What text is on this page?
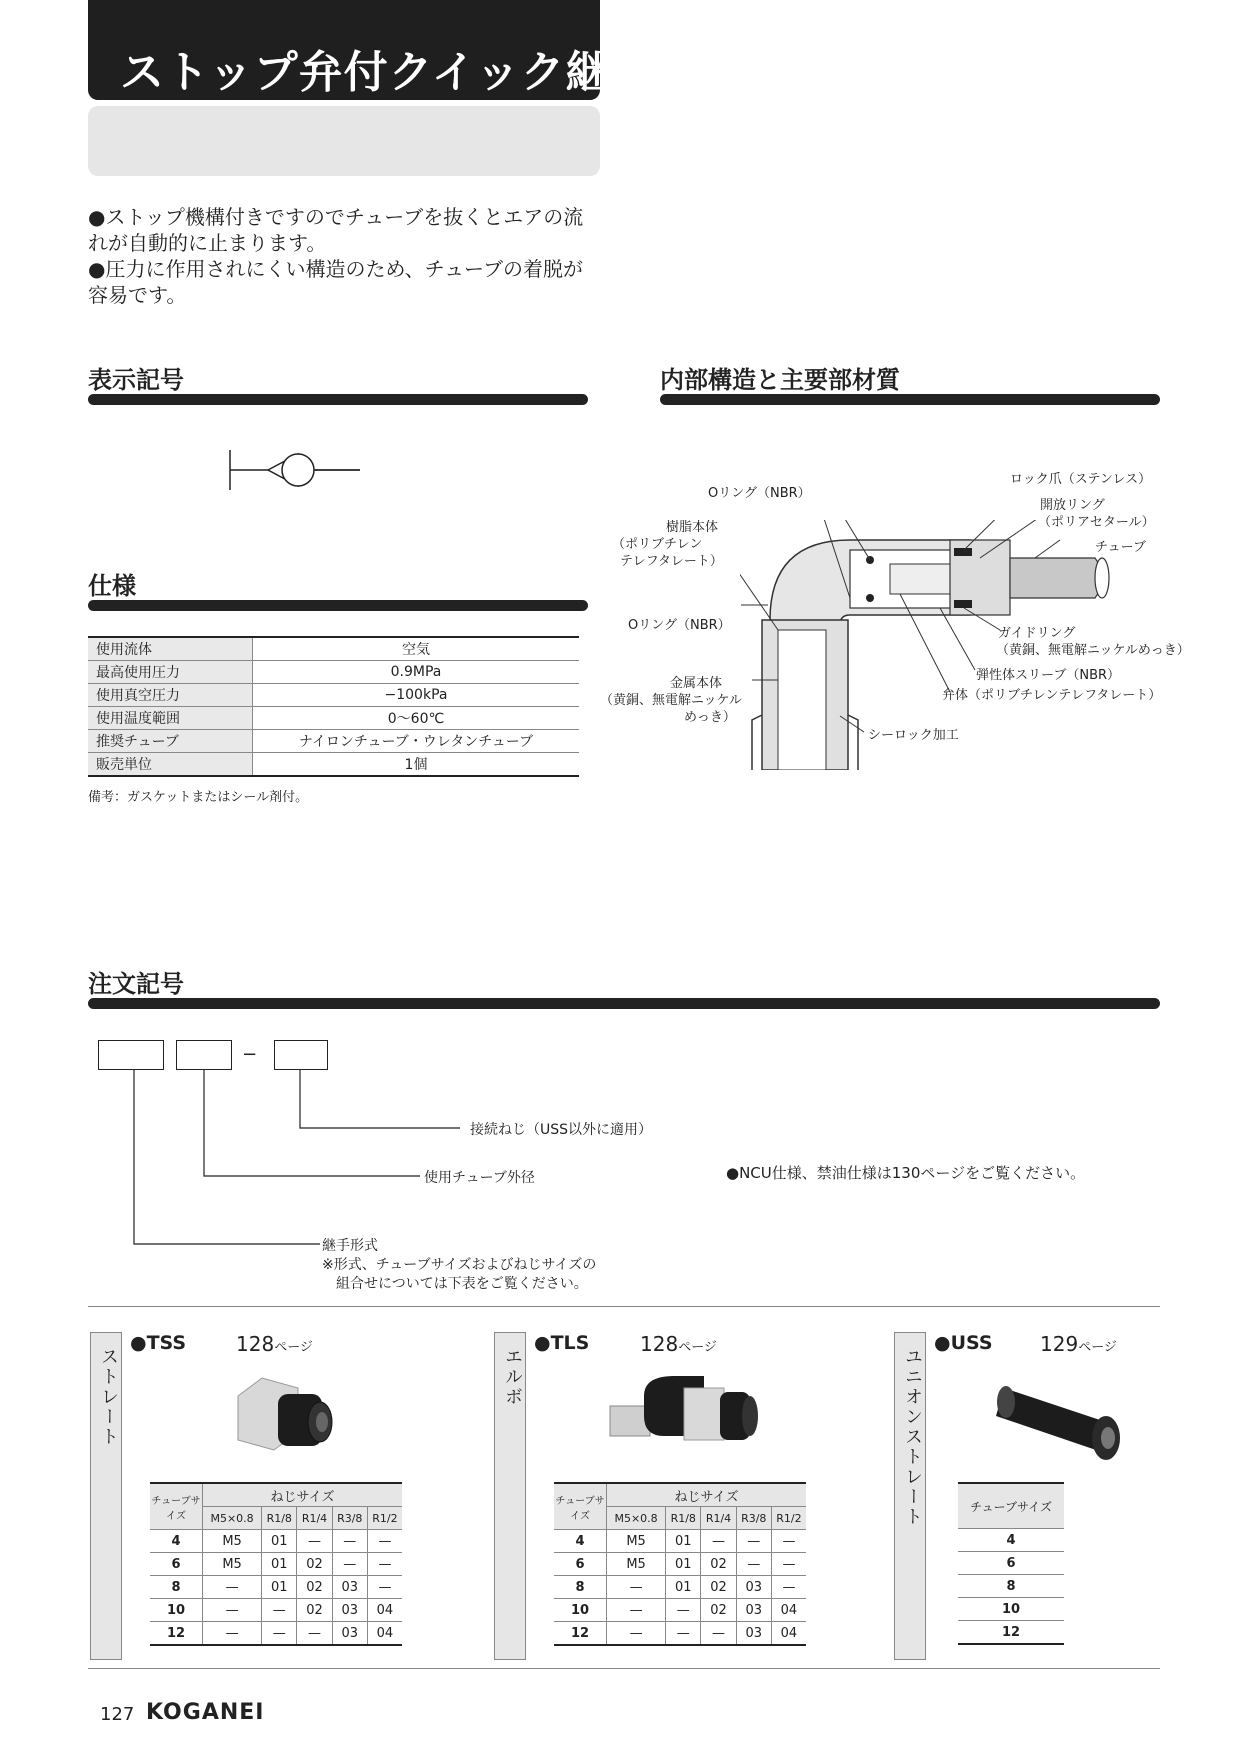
ストップ弁付クイック継手
●ストップ機構付きですのでチューブを抜くとエアの流れが自動的に止まります。
●圧力に作用されにくい構造のため、チューブの着脱が容易です。
表示記号	内部構造と主要部材質
Oリング（NBR）
樹脂本体
（ポリブチレン
テレフタレート）
Oリング（NBR）
金属本体
（黄銅、無電解ニッケル
めっき）
ロック爪（ステンレス）
開放リング
（ポリアセタール）
チューブ
ガイドリング
（黄銅、無電解ニッケルめっき）
弾性体スリーブ（NBR）
弁体（ポリブチレンテレフタレート）
シーロック加工
仕様
使用流体	空気
最高使用圧力	0.9MPa
使用真空圧力	−100kPa
使用温度範囲	0〜60℃
推奨チューブ	ナイロンチューブ・ウレタンチューブ
販売単位	1個
備考：ガスケットまたはシール剤付。
注文記号
−
接続ねじ（USS以外に適用）
使用チューブ外径
継手形式
※形式、チューブサイズおよびねじサイズの
組合せについては下表をご覧ください。
●NCU仕様、禁油仕様は130ページをご覧ください。
ストレート
●TSS 128ページ	エルボ
●TLS	128ページ	ユニオンストレート
●USS 129ページ
チューブサイズ	ねじサイズ				
	M5×0.8	R1/8	R1/4	R3/8	R1/2
4	M5	01	—	—	—
6	M5	01	02	—	—
8	—	01	02	03	—
10	—	—	02	03	04
12	—	—	—	03	04
チューブサイズ	ねじサイズ				
	M5×0.8	R1/8	R1/4	R3/8	R1/2
4	M5	01	—	—	—
6	M5	01	02	—	—
8	—	01	02	03	—
10	—	—	02	03	04
12	—	—	—	03	04
チューブサイズ
4
6
8
10
12
127 KOGANEI
